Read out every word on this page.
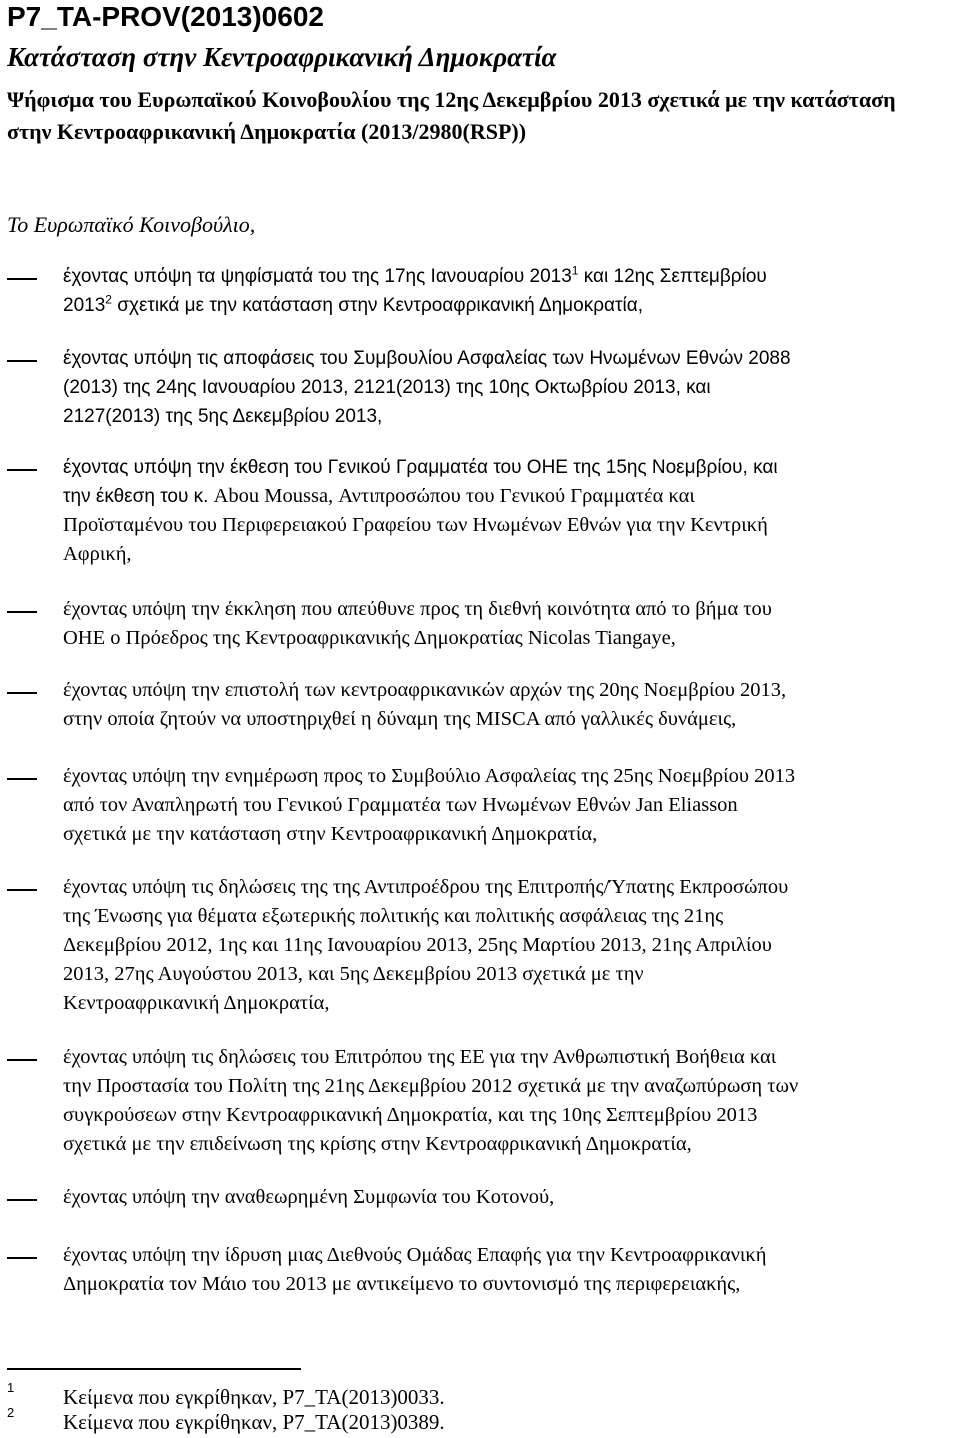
P7_TA-PROV(2013)0602
Κατάσταση στην Κεντροαφρικανική Δημοκρατία

Ψήφισμα του Ευρωπαϊκού Κοινοβουλίου της 12ης Δεκεμβρίου 2013 σχετικά με την κατάσταση στην Κεντροαφρικανική Δημοκρατία (2013/2980(RSP))

Το Ευρωπαϊκό Κοινοβούλιο,

έχοντας υπόψη τα ψηφίσματά του της 17ης Ιανουαρίου 2013$^1$ και 12ης Σεπτεμβρίου
2013$^2$ σχετικά με την κατάσταση στην Κεντροαφρικανική Δημοκρατία,

έχοντας υπόψη τις αποφάσεις του Συμβουλίου Ασφαλείας των Ηνωμένων Εθνών 2088
(2013) της 24ης Ιανουαρίου 2013, 2121(2013) της 10ης Οκτωβρίου 2013, και
2127(2013) της 5ης Δεκεμβρίου 2013,

έχοντας υπόψη την έκθεση του Γενικού Γραμματέα του ΟΗΕ της 15ης Νοεμβρίου, και
την έκθεση του κ. Abou Moussa, Αντιπροσώπου του Γενικού Γραμματέα και
Προϊσταμένου του Περιφερειακού Γραφείου των Ηνωμένων Εθνών για την Κεντρική
Αφρική,

έχοντας υπόψη την έκκληση που απεύθυνε προς τη διεθνή κοινότητα από το βήμα του
ΟΗΕ ο Πρόεδρος της Κεντροαφρικανικής Δημοκρατίας Nicolas Tiangaye,

έχοντας υπόψη την επιστολή των κεντροαφρικανικών αρχών της 20ης Νοεμβρίου 2013,
στην οποία ζητούν να υποστηριχθεί η δύναμη της MISCA από γαλλικές δυνάμεις,

έχοντας υπόψη την ενημέρωση προς το Συμβούλιο Ασφαλείας της 25ης Νοεμβρίου 2013
από τον Αναπληρωτή του Γενικού Γραμματέα των Ηνωμένων Εθνών Jan Eliasson
σχετικά με την κατάσταση στην Κεντροαφρικανική Δημοκρατία,

έχοντας υπόψη τις δηλώσεις της της Αντιπροέδρου της Επιτροπής/Ύπατης Εκπροσώπου
της Ένωσης για θέματα εξωτερικής πολιτικής και πολιτικής ασφάλειας της 21ης
Δεκεμβρίου 2012, 1ης και 11ης Ιανουαρίου 2013, 25ης Μαρτίου 2013, 21ης Απριλίου
2013, 27ης Αυγούστου 2013, και 5ης Δεκεμβρίου 2013 σχετικά με την
Κεντροαφρικανική Δημοκρατία,

έχοντας υπόψη τις δηλώσεις του Επιτρόπου της ΕΕ για την Ανθρωπιστική Βοήθεια και
την Προστασία του Πολίτη της 21ης Δεκεμβρίου 2012 σχετικά με την αναζωπύρωση των
συγκρούσεων στην Κεντροαφρικανική Δημοκρατία, και της 10ης Σεπτεμβρίου 2013
σχετικά με την επιδείνωση της κρίσης στην Κεντροαφρικανική Δημοκρατία,

έχοντας υπόψη την αναθεωρημένη Συμφωνία του Κοτονού,

έχοντας υπόψη την ίδρυση μιας Διεθνούς Ομάδας Επαφής για την Κεντροαφρικανική
Δημοκρατία τον Μάιο του 2013 με αντικείμενο το συντονισμό της περιφερειακής,

1 Κείμενα που εγκρίθηκαν, P7_TA(2013)0033.
2 Κείμενα που εγκρίθηκαν, P7_TA(2013)0389.
